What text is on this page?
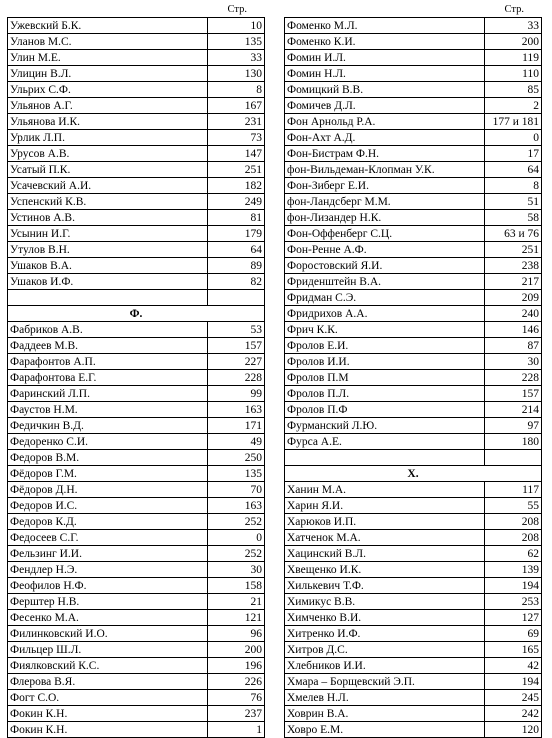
Стр.
Ужевский Б.К.	10
Уланов М.С.	135
Улин М.Е.	33
Улицин В.Л.	130
Ульрих С.Ф.	8
Ульянов А.Г.	167
Ульянова И.К.	231
Урлик Л.П.	73
Урусов А.В.	147
Усатый П.К.	251
Усачевский А.И.	182
Успенский К.В.	249
Устинов А.В.	81
Усынин И.Г.	179
Утулов В.Н.	64
Ушаков В.А.	89
Ушаков И.Ф.	82

Ф.	
Фабриков А.В.	53
Фаддеев М.В.	157
Фарафонтов А.П.	227
Фарафонтова Е.Г.	228
Фаринский Л.П.	99
Фаустов Н.М.	163
Федичкин В.Д.	171
Федоренко С.И.	49
Федоров В.М.	250
Фёдоров Г.М.	135
Фёдоров Д.Н.	70
Федоров И.С.	163
Федоров К.Д.	252
Федосеев С.Г.	0
Фельзинг И.И.	252
Фендлер Н.Э.	30
Феофилов Н.Ф.	158
Ферштер Н.В.	21
Фесенко М.А.	121
Филинковский И.О.	96
Фильцер Ш.Л.	200
Фиялковский К.С.	196
Флерова В.Я.	226
Фогт С.О.	76
Фокин К.Н.	237
Фокин К.Н.	1
Стр.
Фоменко М.Л.	33
Фоменко К.И.	200
Фомин И.Л.	119
Фомин Н.Л.	110
Фомицкий В.В.	85
Фомичев Д.Л.	2
Фон Арнольд Р.А.	177 и 181
Фон-Ахт А.Д.	0
Фон-Бистрам Ф.Н.	17
фон-Вильдеман-Клопман У.К.	64
Фон-Зиберг Е.И.	8
фон-Ландсберг М.М.	51
фон-Лизандер Н.К.	58
Фон-Оффенберг С.Ц.	63 и 76
Фон-Ренне А.Ф.	251
Форостовский Я.И.	238
Фриденштейн В.А.	217
Фридман С.Э.	209
Фридрихов А.А.	240
Фрич К.К.	146
Фролов Е.И.	87
Фролов И.И.	30
Фролов П.М	228
Фролов П.Л.	157
Фролов П.Ф	214
Фурманский Л.Ю.	97
Фурса А.Е.	180

Х.	
Ханин М.А.	117
Харин Я.И.	55
Харюков И.П.	208
Хатченок М.А.	208
Хацинский В.Л.	62
Хвещенко И.К.	139
Хилькевич Т.Ф.	194
Химикус В.В.	253
Химченко В.И.	127
Хитренко И.Ф.	69
Хитров Д.С.	165
Хлебников И.И.	42
Хмара – Борщевский Э.П.	194
Хмелев Н.Л.	245
Ховрин В.А.	242
Ховро Е.М.	120
